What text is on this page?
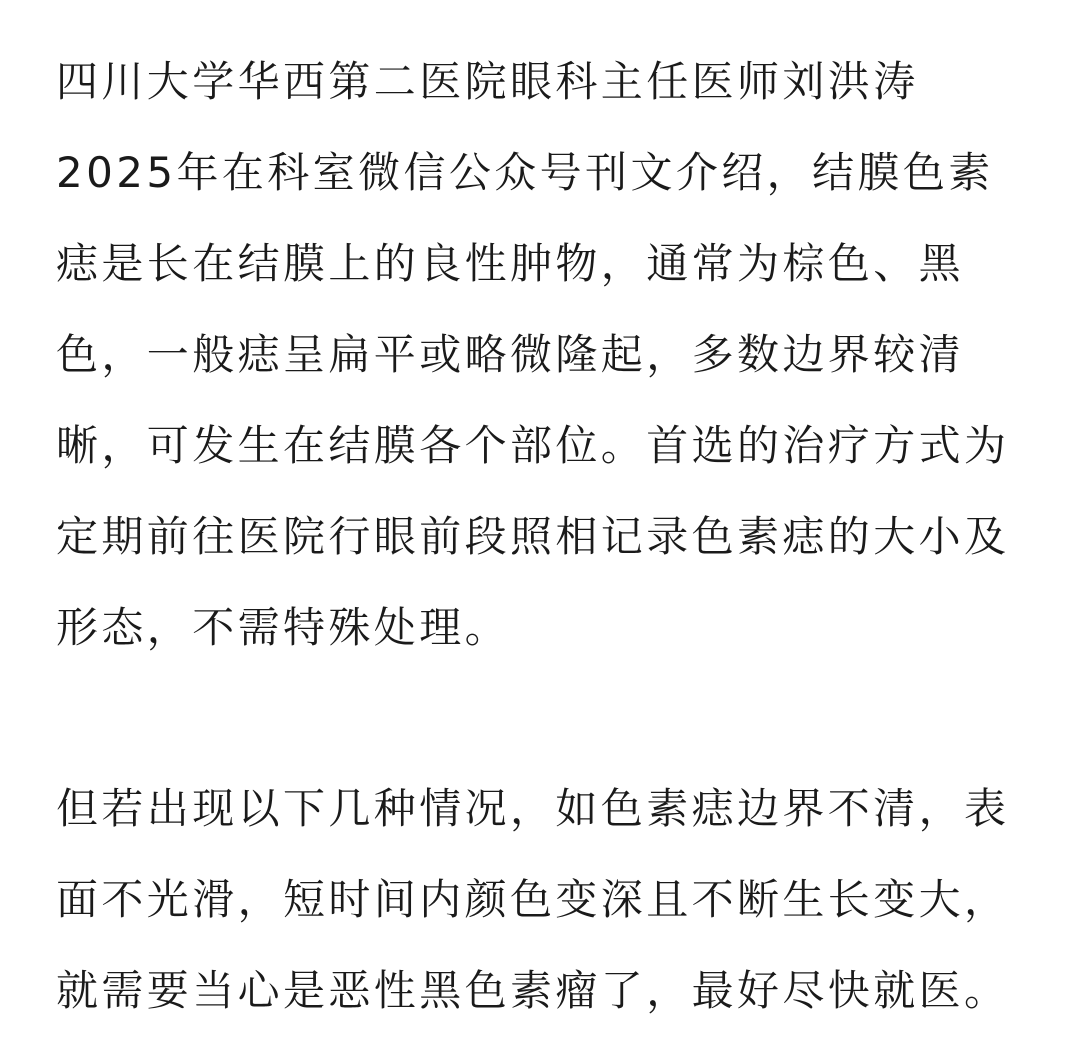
四川大学华西第二医院眼科主任医师刘洪涛
2025年在科室微信公众号刊文介绍，结膜色素
痣是长在结膜上的良性肿物，通常为棕色、黑
色，一般痣呈扁平或略微隆起，多数边界较清
晰，可发生在结膜各个部位。首选的治疗方式为
定期前往医院行眼前段照相记录色素痣的大小及
形态，不需特殊处理。
但若出现以下几种情况，如色素痣边界不清，表
面不光滑，短时间内颜色变深且不断生长变大，
就需要当心是恶性黑色素瘤了，最好尽快就医。
